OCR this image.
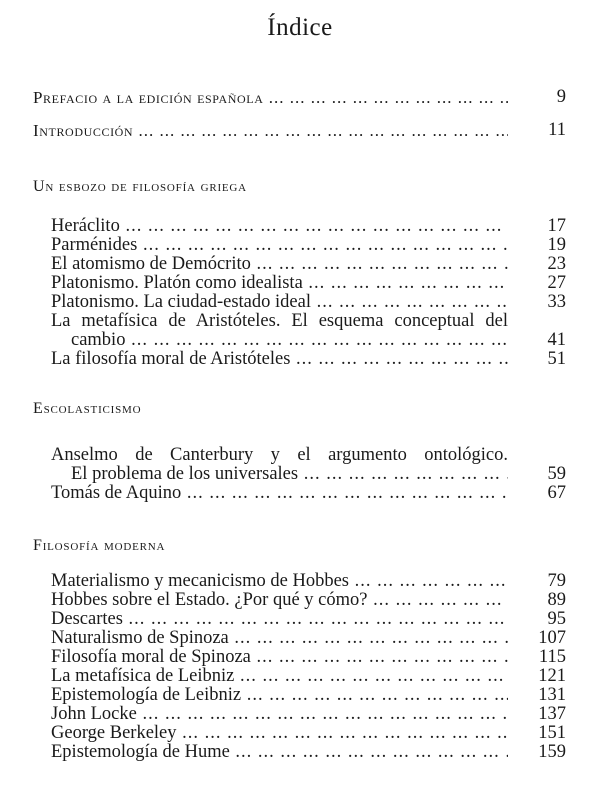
Índice
Prefacio a la edición española ... .	9
Introducción ... .	11
Un esbozo de filosofía griega
Heráclito ... .	17
Parménides ... .	19
El atomismo de Demócrito ... .	23
Platonismo. Platón como idealista ... .	27
Platonismo. La ciudad-estado ideal ... .	33
La metafísica de Aristóteles. El esquema conceptual del
cambio ... .	41
La filosofía moral de Aristóteles ... .	51
Escolasticismo
Anselmo de Canterbury y el argumento ontológico.
El problema de los universales ... .	59
Tomás de Aquino ... .	67
Filosofía moderna
Materialismo y mecanicismo de Hobbes ... .	79
Hobbes sobre el Estado. ¿Por qué y cómo? ... .	89
Descartes ... .	95
Naturalismo de Spinoza ... .	107
Filosofía moral de Spinoza ... .	115
La metafísica de Leibniz ... .	121
Epistemología de Leibniz ... .	131
John Locke ... .	137
George Berkeley ... .	151
Epistemología de Hume ... .	159
